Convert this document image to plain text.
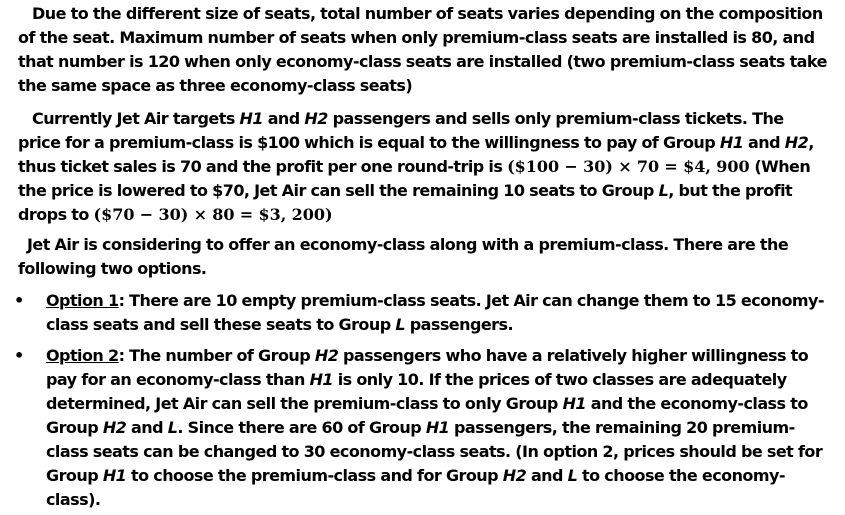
Due to the different size of seats, total number of seats varies depending on the composition of the seat. Maximum number of seats when only premium-class seats are installed is 80, and that number is 120 when only economy-class seats are installed (two premium-class seats take the same space as three economy-class seats)

Currently Jet Air targets H1 and H2 passengers and sells only premium-class tickets. The price for a premium-class is $100 which is equal to the willingness to pay of Group H1 and H2, thus ticket sales is 70 and the profit per one round-trip is ($100 − 30) × 70 = $4, 900 (When the price is lowered to $70, Jet Air can sell the remaining 10 seats to Group L, but the profit drops to ($70 − 30) × 80 = $3, 200)

Jet Air is considering to offer an economy-class along with a premium-class. There are the following two options.

•	Option 1: There are 10 empty premium-class seats. Jet Air can change them to 15 economy-class seats and sell these seats to Group L passengers.

•	Option 2: The number of Group H2 passengers who have a relatively higher willingness to pay for an economy-class than H1 is only 10. If the prices of two classes are adequately determined, Jet Air can sell the premium-class to only Group H1 and the economy-class to Group H2 and L. Since there are 60 of Group H1 passengers, the remaining 20 premium-class seats can be changed to 30 economy-class seats. (In option 2, prices should be set for Group H1 to choose the premium-class and for Group H2 and L to choose the economy-class).
